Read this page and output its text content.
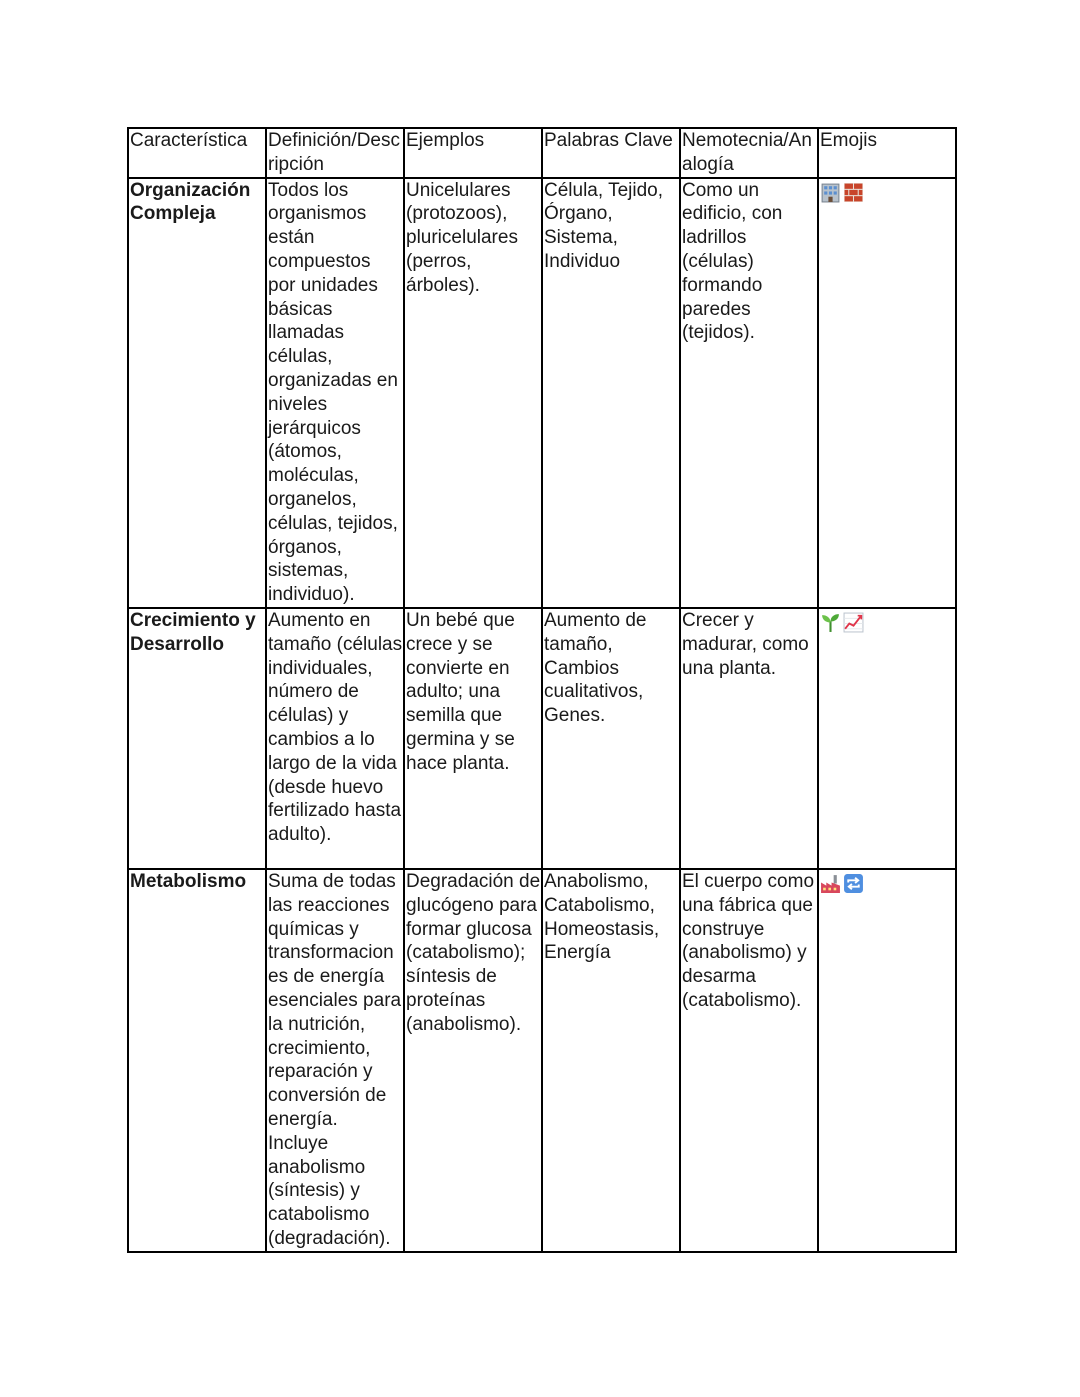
Característica	Definición/Descripción	Ejemplos	Palabras Clave	Nemotecnia/Analogía	Emojis
Organización Compleja	Todos los organismos están compuestos por unidades básicas llamadas células, organizadas en niveles jerárquicos (átomos, moléculas, organelos, células, tejidos, órganos, sistemas, individuo).	Unicelulares (protozoos), pluricelulares (perros, árboles).	Célula, Tejido, Órgano, Sistema, Individuo	Como un edificio, con ladrillos (células) formando paredes (tejidos).	

Crecimiento y Desarrollo	Aumento en tamaño (células individuales, número de células) y cambios a lo largo de la vida (desde huevo fertilizado hasta adulto).	Un bebé que crece y se convierte en adulto; una semilla que germina y se hace planta.	Aumento de tamaño, Cambios cualitativos, Genes.	Crecer y madurar, como una planta.	

Metabolismo	Suma de todas las reacciones químicas y transformaciones de energía esenciales para la nutrición, crecimiento, reparación y conversión de energía. Incluye anabolismo (síntesis) y catabolismo (degradación).	Degradación de glucógeno para formar glucosa (catabolismo); síntesis de proteínas (anabolismo).	Anabolismo, Catabolismo, Homeostasis, Energía	El cuerpo como una fábrica que construye (anabolismo) y desarma (catabolismo).	
